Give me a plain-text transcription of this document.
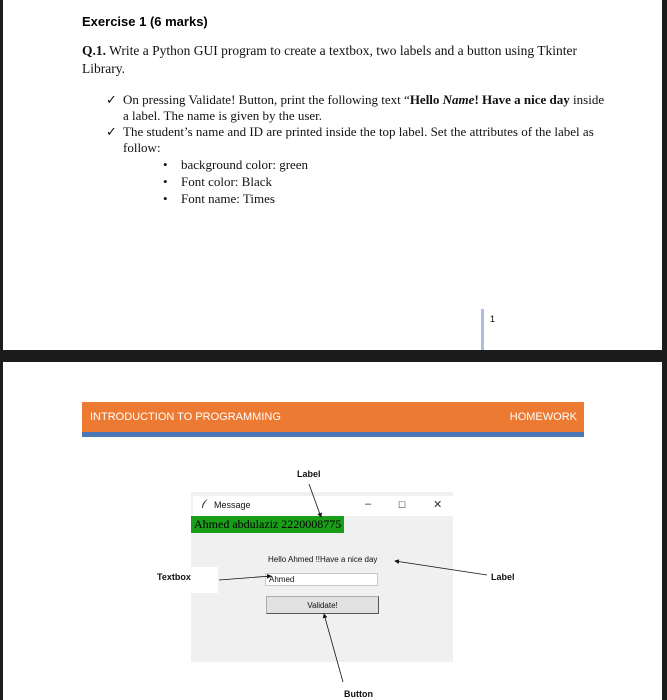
Exercise 1 (6 marks)
Q.1. Write a Python GUI program to create a textbox, two labels and a button using Tkinter Library.
✓ On pressing Validate! Button, print the following text “Hello Name! Have a nice day inside a label. The name is given by the user.
✓ The student’s name and ID are printed inside the top label. Set the attributes of the label as follow:
• background color: green
• Font color: Black
• Font name: Times
1
INTRODUCTION TO PROGRAMMING	HOMEWORK
Message	–	☐ ✕
Ahmed abdulaziz 2220008775
Hello Ahmed !!Have a nice day
Ahmed
Validate!
Label
Textbox	Label
Button
